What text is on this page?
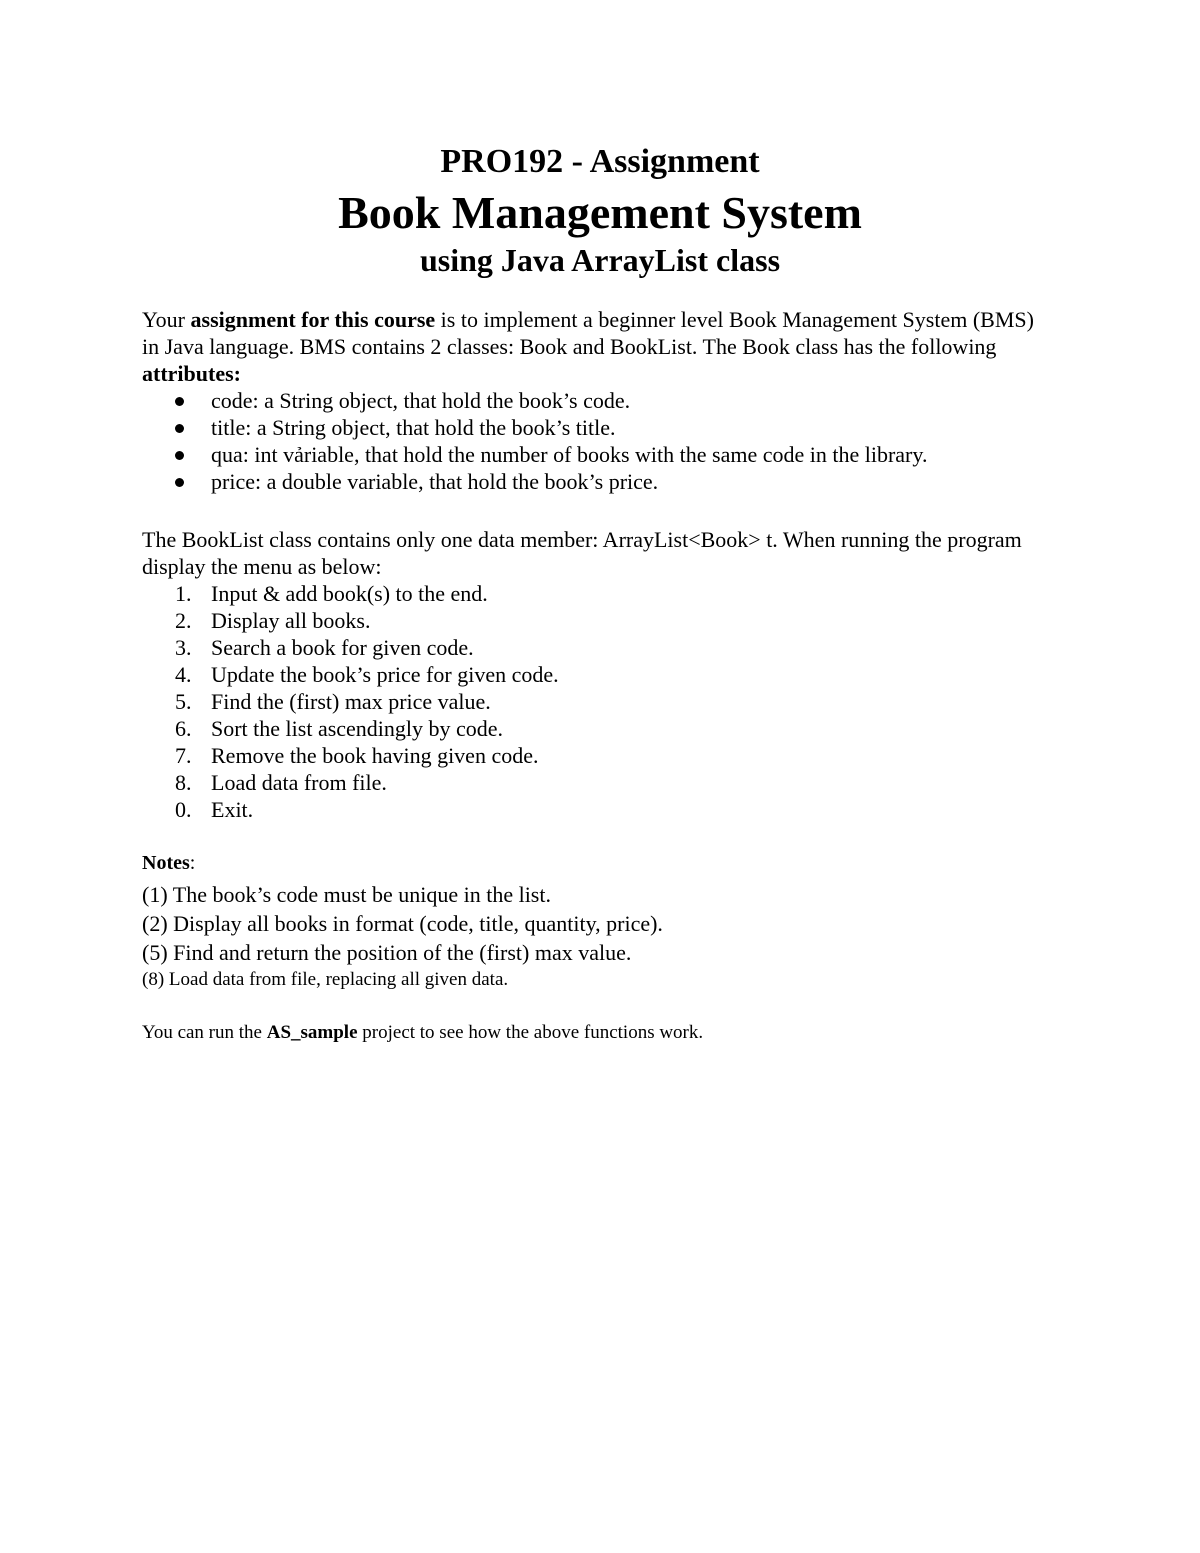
PRO192 - Assignment
Book Management System
using Java ArrayList class
Your assignment for this course is to implement a beginner level Book Management System (BMS) in Java language. BMS contains 2 classes: Book and BookList. The Book class has the following attributes:
code: a String object, that hold the book’s code.
title: a String object, that hold the book’s title.
qua: int vảriable, that hold the number of books with the same code in the library.
price: a double variable, that hold the book’s price.
The BookList class contains only one data member: ArrayList<Book> t. When running the program display the menu as below:
1. Input & add book(s) to the end.
2. Display all books.
3. Search a book for given code.
4. Update the book’s price for given code.
5. Find the (first) max price value.
6. Sort the list ascendingly by code.
7. Remove the book having given code.
8. Load data from file.
0. Exit.
Notes:
(1) The book’s code must be unique in the list.
(2) Display all books in format (code, title, quantity, price).
(5) Find and return the position of the (first) max value.
(8) Load data from file, replacing all given data.
You can run the AS_sample project to see how the above functions work.
